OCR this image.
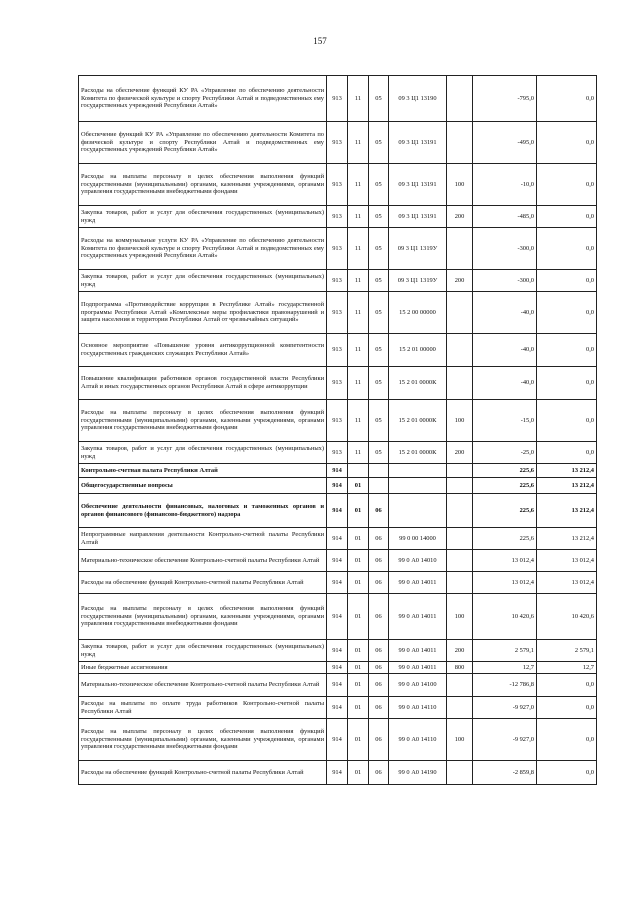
157
Расходы на обеспечение функций КУ РА «Управление по обеспечению деятельности Комитета по физической культуре и спорту Республики Алтай и подведомственных ему государственных учреждений Республики Алтай»	913	11	05	09 3 Ц1 13190		-795,0	0,0
Обеспечение функций КУ РА «Управление по обеспечению деятельности Комитета по физической культуре и спорту Республики Алтай и подведомственных ему государственных учреждений Республики Алтай»	913	11	05	09 3 Ц1 13191		-495,0	0,0
Расходы на выплаты персоналу в целях обеспечения выполнения функций государственными (муниципальными) органами, казенными учреждениями, органами управления государственными внебюджетными фондами	913	11	05	09 3 Ц1 13191	100	-10,0	0,0
Закупка товаров, работ и услуг для обеспечения государственных (муниципальных) нужд	913	11	05	09 3 Ц1 13191	200	-485,0	0,0
Расходы на коммунальные услуги КУ РА «Управление по обеспечению деятельности Комитета по физической культуре и спорту Республики Алтай и подведомственных ему государственных учреждений Республики Алтай»	913	11	05	09 3 Ц1 1319У		-300,0	0,0
Закупка товаров, работ и услуг для обеспечения государственных (муниципальных) нужд	913	11	05	09 3 Ц1 1319У	200	-300,0	0,0
Подпрограмма «Противодействие коррупции в Республике Алтай» государственной программы Республики Алтай «Комплексные меры профилактики правонарушений и защита населения и территории Республики Алтай от чрезвычайных ситуаций»	913	11	05	15 2 00 00000		-40,0	0,0
Основное мероприятие «Повышение уровня антикоррупционной компетентности государственных гражданских служащих Республики Алтай»	913	11	05	15 2 01 00000		-40,0	0,0
Повышение квалификации работников органов государственной власти Республики Алтай и иных государственных органов Республики Алтай в сфере антикоррупции	913	11	05	15 2 01 0000К		-40,0	0,0
Расходы на выплаты персоналу в целях обеспечения выполнения функций государственными (муниципальными) органами, казенными учреждениями, органами управления государственными внебюджетными фондами	913	11	05	15 2 01 0000К	100	-15,0	0,0
Закупка товаров, работ и услуг для обеспечения государственных (муниципальных) нужд	913	11	05	15 2 01 0000К	200	-25,0	0,0
Контрольно-счетная палата Республики Алтай	914					225,6	13 212,4
Общегосударственные вопросы	914	01				225,6	13 212,4
Обеспечение деятельности финансовых, налоговых и таможенных органов и органов финансового (финансово-бюджетного) надзора	914	01	06			225,6	13 212,4
Непрограммные направления деятельности Контрольно-счетной палаты Республики Алтай	914	01	06	99 0 00 14000		225,6	13 212,4
Материально-техническое обеспечение Контрольно-счетной палаты Республики Алтай	914	01	06	99 0 А0 14010		13 012,4	13 012,4
Расходы на обеспечение функций Контрольно-счетной палаты Республики Алтай	914	01	06	99 0 А0 14011		13 012,4	13 012,4
Расходы на выплаты персоналу в целях обеспечения выполнения функций государственными (муниципальными) органами, казенными учреждениями, органами управления государственными внебюджетными фондами	914	01	06	99 0 А0 14011	100	10 420,6	10 420,6
Закупка товаров, работ и услуг для обеспечения государственных (муниципальных) нужд	914	01	06	99 0 А0 14011	200	2 579,1	2 579,1
Иные бюджетные ассигнования	914	01	06	99 0 А0 14011	800	12,7	12,7
Материально-техническое обеспечение Контрольно-счетной палаты Республики Алтай	914	01	06	99 0 А0 14100		-12 786,8	0,0
Расходы на выплаты по оплате труда работников Контрольно-счетной палаты Республики Алтай	914	01	06	99 0 А0 14110		-9 927,0	0,0
Расходы на выплаты персоналу в целях обеспечения выполнения функций государственными (муниципальными) органами, казенными учреждениями, органами управления государственными внебюджетными фондами	914	01	06	99 0 А0 14110	100	-9 927,0	0,0
Расходы на обеспечение функций Контрольно-счетной палаты Республики Алтай	914	01	06	99 0 А0 14190		-2 859,8	0,0
